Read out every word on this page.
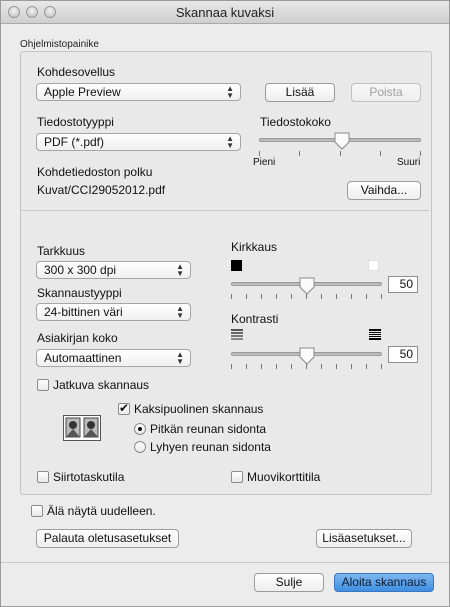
Skannaa kuvaksi
Ohjelmistopainike
Kohdesovellus
Apple Preview	▲
▼	Lisää	Poista
Tiedostotyyppi
PDF (*.pdf)	▲
▼
Tiedostokoko
Pieni	Suuri
Kohdetiedoston polku
Kuvat/CCI29052012.pdf	Vaihda...
Tarkkuus
300 x 300 dpi	▲
▼
Skannaustyyppi
24-bittinen väri	▲
▼
Asiakirjan koko
Automaattinen	▲
▼
Kirkkaus
50
Kontrasti
50
Jatkuva skannaus
✔
Kaksipuolinen skannaus
Pitkän reunan sidonta
Lyhyen reunan sidonta
Siirtotaskutila	Muovikorttitila
Älä näytä uudelleen.
Palauta oletusasetukset	Lisäasetukset...
Sulje	Aloita skannaus
